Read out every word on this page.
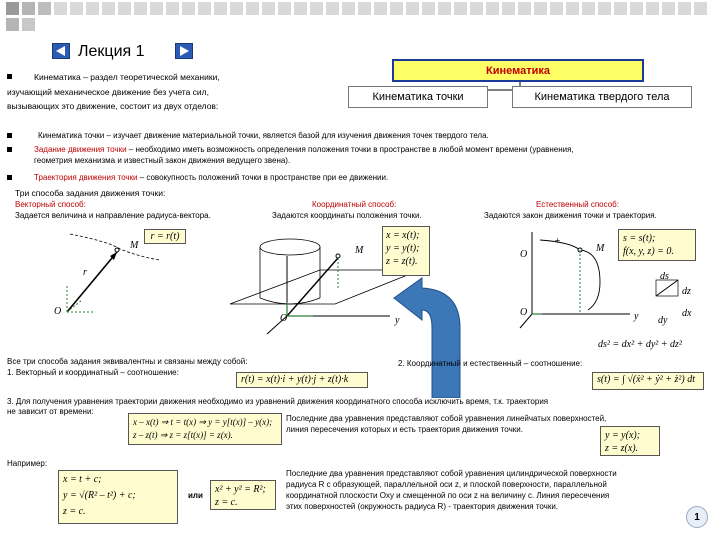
Лекция 1
Кинематика
Кинематика точки	Кинематика твердого тела
Кинематика – раздел теоретической механики,
изучающий механическое движение без учета сил,
вызывающих это движение, состоит из двух отделов:
Кинематика точки – изучает движение материальной точки, является базой для изучения движения точек твердого тела.
Задание движения точки – необходимо иметь возможность определения положения точки в пространстве в любой момент времени (уравнения,
геометрия механизма и известный закон движения ведущего звена).
Траектория движения точки – совокупность положений точки в пространстве при ее движении.
Три способа задания движения точки:
Векторный способ:
Задается величина и направление радиуса-вектора.
Координатный способ:
Задаются координаты положения точки.
Естественный способ:
Задаются закон движения точки и траектория.
M
r
O
r = r(t)
M
O	y
x = x(t);
y = y(t);
z = z(t).
O
+
M
O	y
ds
dz
dx
dy
s = s(t);
f(x, y, z) = 0.
ds² = dx² + dy² + dz²
Все три способа задания эквивалентны и связаны между собой:
1. Векторный и координатный – соотношение:
r(t) = x(t)·i + y(t)·j + z(t)·k
2. Координатный и естественный – соотношение:
s(t) = ∫ √(ẋ² + ẏ² + ż²) dt
3. Для получения уравнения траектории движения необходимо из уравнений движения координатного способа исключить время, т.к. траектория
не зависит от времени:
x – x(t) ⇒ t = t(x) ⇒ y = y[t(x)] – y(x);
z – z(t) ⇒ z = z[t(x)] = z(x).
Последние два уравнения представляют собой уравнения линейчатых поверхностей,
линия пересечения которых и есть траектория движения точки.
y = y(x);
z = z(x).
Например:
x = t + c;
y = √(R² – t²) + c;
z = c.
или
x² + y² = R²;
z = c.
Последние два уравнения представляют собой уравнения цилиндрической поверхности
радиуса R с образующей, параллельной оси z, и плоской поверхности, параллельной
координатной плоскости Oxy и смещенной по оси z на величину c. Линия пересечения
этих поверхностей (окружность радиуса R) - траектория движения точки.
1
